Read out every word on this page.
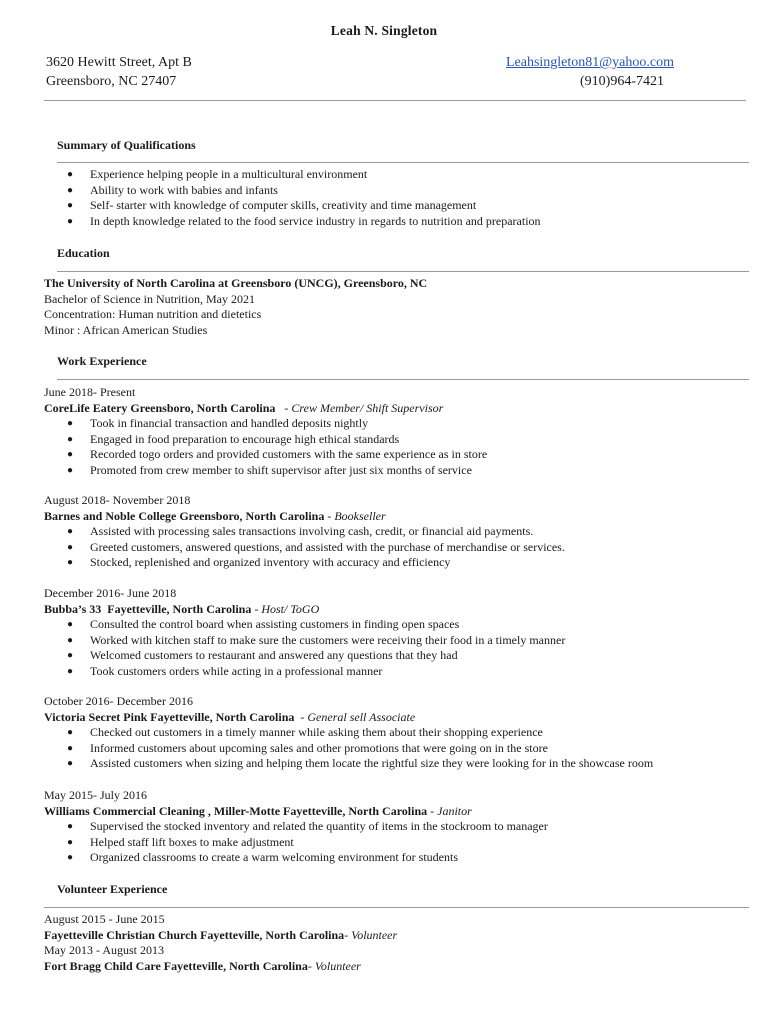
Leah N. Singleton
3620 Hewitt Street, Apt B
Greensboro, NC 27407
Leahsingleton81@yahoo.com
(910)964-7421
Summary of Qualifications
● Experience helping people in a multicultural environment
● Ability to work with babies and infants
● Self- starter with knowledge of computer skills, creativity and time management
● In depth knowledge related to the food service industry in regards to nutrition and preparation
Education
The University of North Carolina at Greensboro (UNCG), Greensboro, NC
Bachelor of Science in Nutrition, May 2021
Concentration: Human nutrition and dietetics
Minor : African American Studies
Work Experience
June 2018- Present
CoreLife Eatery Greensboro, North Carolina   - Crew Member/ Shift Supervisor
● Took in financial transaction and handled deposits nightly
● Engaged in food preparation to encourage high ethical standards
● Recorded togo orders and provided customers with the same experience as in store
● Promoted from crew member to shift supervisor after just six months of service
August 2018- November 2018
Barnes and Noble College Greensboro, North Carolina - Bookseller
● Assisted with processing sales transactions involving cash, credit, or financial aid payments.
● Greeted customers, answered questions, and assisted with the purchase of merchandise or services.
● Stocked, replenished and organized inventory with accuracy and efficiency
December 2016- June 2018
Bubba’s 33  Fayetteville, North Carolina - Host/ ToGO
● Consulted the control board when assisting customers in finding open spaces
● Worked with kitchen staff to make sure the customers were receiving their food in a timely manner
● Welcomed customers to restaurant and answered any questions that they had
● Took customers orders while acting in a professional manner
October 2016- December 2016
Victoria Secret Pink Fayetteville, North Carolina  - General sell Associate
● Checked out customers in a timely manner while asking them about their shopping experience
● Informed customers about upcoming sales and other promotions that were going on in the store
● Assisted customers when sizing and helping them locate the rightful size they were looking for in the showcase room
May 2015- July 2016
Williams Commercial Cleaning , Miller-Motte Fayetteville, North Carolina - Janitor
● Supervised the stocked inventory and related the quantity of items in the stockroom to manager
● Helped staff lift boxes to make adjustment
● Organized classrooms to create a warm welcoming environment for students
Volunteer Experience
August 2015 - June 2015
Fayetteville Christian Church Fayetteville, North Carolina- Volunteer
May 2013 - August 2013
Fort Bragg Child Care Fayetteville, North Carolina- Volunteer
